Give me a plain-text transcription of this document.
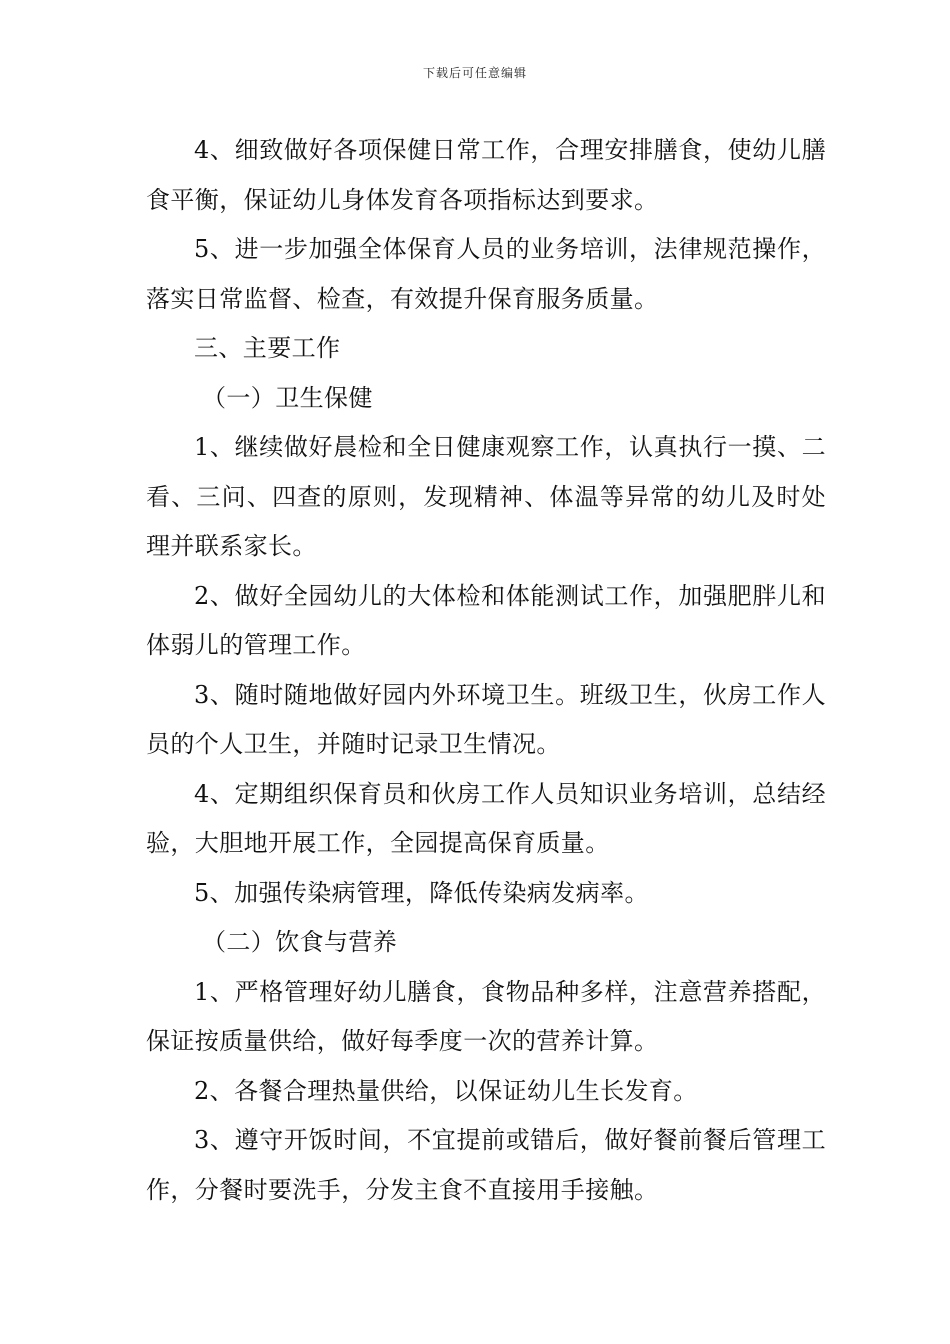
下载后可任意编辑

4、细致做好各项保健日常工作，合理安排膳食，使幼儿膳食平衡，保证幼儿身体发育各项指标达到要求。

5、进一步加强全体保育人员的业务培训，法律规范操作，落实日常监督、检查，有效提升保育服务质量。

三、主要工作

（一）卫生保健

1、继续做好晨检和全日健康观察工作，认真执行一摸、二看、三问、四查的原则，发现精神、体温等异常的幼儿及时处理并联系家长。

2、做好全园幼儿的大体检和体能测试工作，加强肥胖儿和体弱儿的管理工作。

3、随时随地做好园内外环境卫生。班级卫生，伙房工作人员的个人卫生，并随时记录卫生情况。

4、定期组织保育员和伙房工作人员知识业务培训，总结经验，大胆地开展工作，全园提高保育质量。

5、加强传染病管理，降低传染病发病率。

（二）饮食与营养

1、严格管理好幼儿膳食，食物品种多样，注意营养搭配，保证按质量供给，做好每季度一次的营养计算。

2、各餐合理热量供给，以保证幼儿生长发育。

3、遵守开饭时间，不宜提前或错后，做好餐前餐后管理工作，分餐时要洗手，分发主食不直接用手接触。
